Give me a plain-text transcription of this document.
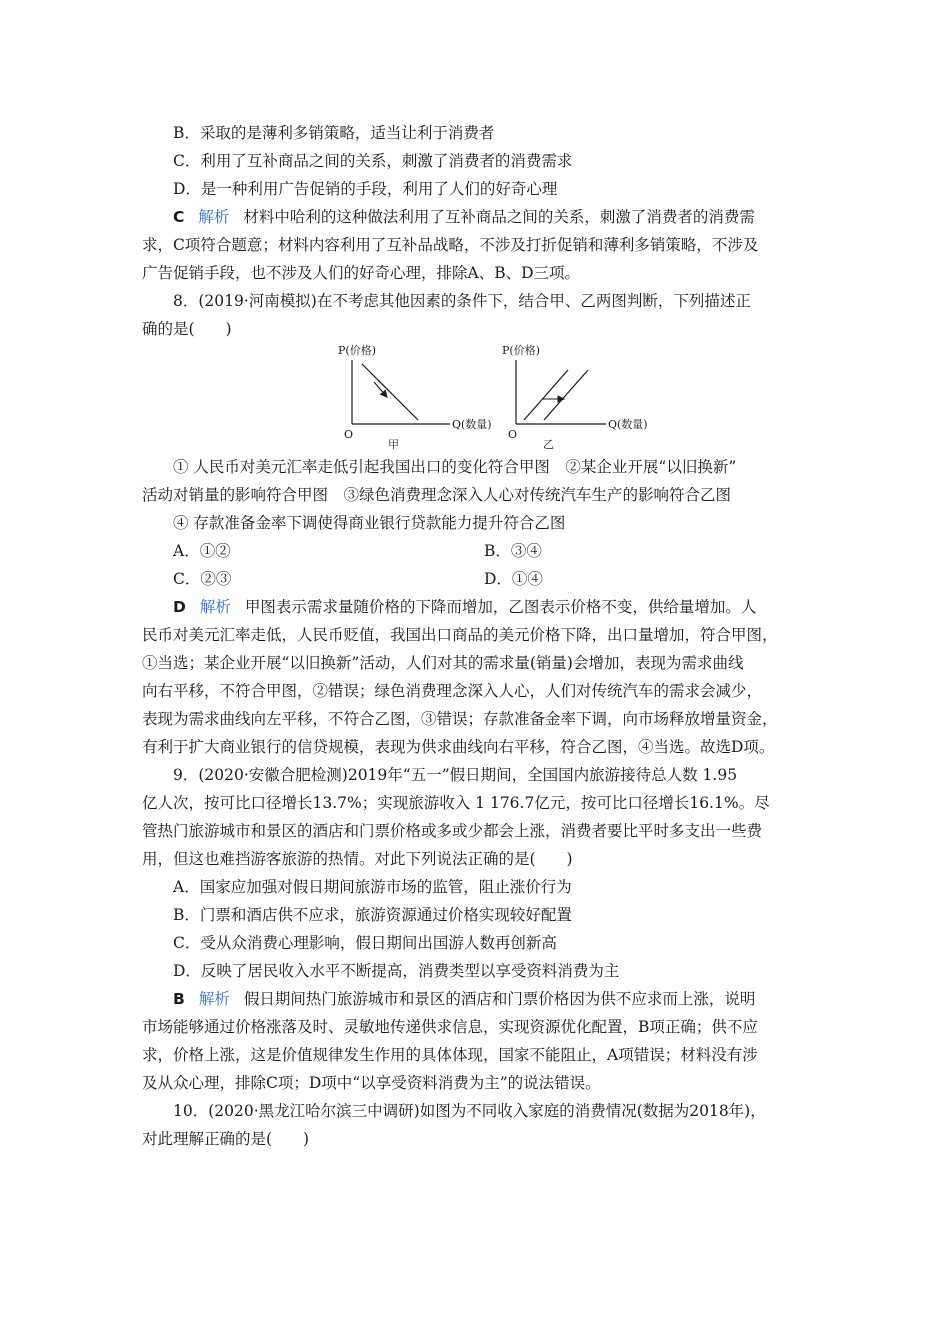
B．采取的是薄利多销策略，适当让利于消费者
C．利用了互补商品之间的关系，刺激了消费者的消费需求
D．是一种利用广告促销的手段，利用了人们的好奇心理
C 解析 材料中哈利的这种做法利用了互补商品之间的关系，刺激了消费者的消费需
求，C项符合题意；材料内容利用了互补品战略，不涉及打折促销和薄利多销策略，不涉及
广告促销手段，也不涉及人们的好奇心理，排除A、B、D三项。
8．(2019·河南模拟)在不考虑其他因素的条件下，结合甲、乙两图判断，下列描述正
确的是(　　)
P(价格)
Q(数量)
O
甲
P(价格)
Q(数量)
O
乙
① 人民币对美元汇率走低引起我国出口的变化符合甲图　②某企业开展“以旧换新”
活动对销量的影响符合甲图　③绿色消费理念深入人心对传统汽车生产的影响符合乙图
④ 存款准备金率下调使得商业银行贷款能力提升符合乙图
A．①②	B．③④
C．②③	D．①④
D 解析 甲图表示需求量随价格的下降而增加，乙图表示价格不变，供给量增加。人
民币对美元汇率走低，人民币贬值，我国出口商品的美元价格下降，出口量增加，符合甲图，
①当选；某企业开展“以旧换新”活动，人们对其的需求量(销量)会增加，表现为需求曲线
向右平移，不符合甲图，②错误；绿色消费理念深入人心，人们对传统汽车的需求会减少，
表现为需求曲线向左平移，不符合乙图，③错误；存款准备金率下调，向市场释放增量资金，
有利于扩大商业银行的信贷规模，表现为供求曲线向右平移，符合乙图，④当选。故选D项。
9．(2020·安徽合肥检测)2019年“五一”假日期间，全国国内旅游接待总人数 1.95
亿人次，按可比口径增长13.7%；实现旅游收入 1 176.7亿元，按可比口径增长16.1%。尽
管热门旅游城市和景区的酒店和门票价格或多或少都会上涨，消费者要比平时多支出一些费
用，但这也难挡游客旅游的热情。对此下列说法正确的是(　　)
A．国家应加强对假日期间旅游市场的监管，阻止涨价行为
B．门票和酒店供不应求，旅游资源通过价格实现较好配置
C．受从众消费心理影响，假日期间出国游人数再创新高
D．反映了居民收入水平不断提高，消费类型以享受资料消费为主
B 解析 假日期间热门旅游城市和景区的酒店和门票价格因为供不应求而上涨，说明
市场能够通过价格涨落及时、灵敏地传递供求信息，实现资源优化配置，B项正确；供不应
求，价格上涨，这是价值规律发生作用的具体体现，国家不能阻止，A项错误；材料没有涉
及从众心理，排除C项；D项中“以享受资料消费为主”的说法错误。
10．(2020·黑龙江哈尔滨三中调研)如图为不同收入家庭的消费情况(数据为2018年)，
对此理解正确的是(　　)
